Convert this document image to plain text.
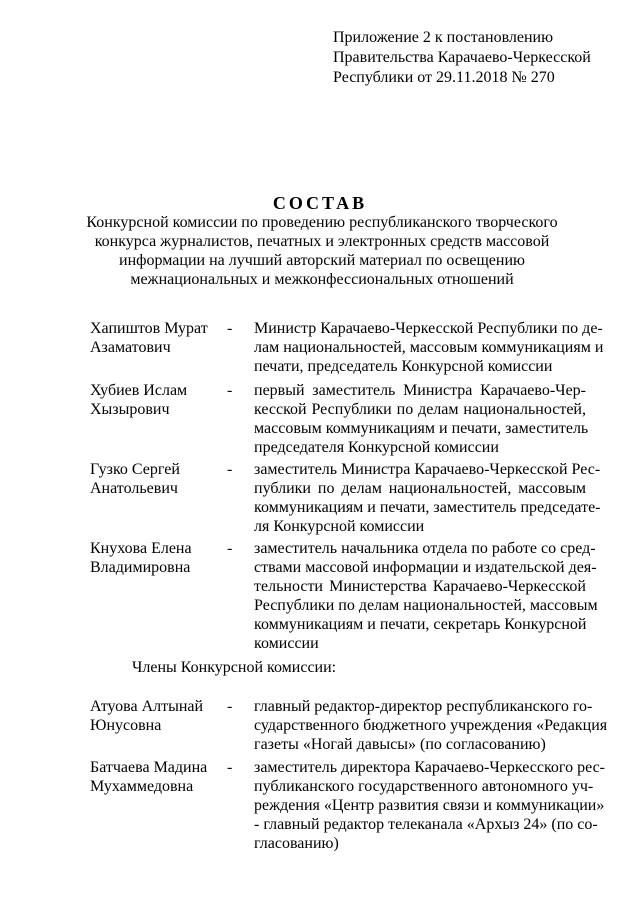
Приложение 2 к постановлению
Правительства Карачаево-Черкесской
Республики от 29.11.2018 № 270
СОСТАВ
Конкурсной комиссии по проведению республиканского творческого
конкурса журналистов, печатных и электронных средств массовой
информации на лучший авторский материал по освещению
межнациональных и межконфессиональных отношений
Хапиштов Мурат
Азаматович
- Министр Карачаево-Черкесской Республики по де-
лам национальностей, массовым коммуникациям и
печати, председатель Конкурсной комиссии
Хубиев Ислам
Хызырович
- первый заместитель Министра Карачаево-Чер-
кесской Республики по делам национальностей,
массовым коммуникациям и печати, заместитель
председателя Конкурсной комиссии
Гузко Сергей
Анатольевич
- заместитель Министра Карачаево-Черкесской Рес-
публики по делам национальностей, массовым
коммуникациям и печати, заместитель председате-
ля Конкурсной комиссии
Кнухова Елена
Владимировна
- заместитель начальника отдела по работе со сред-
ствами массовой информации и издательской дея-
тельности Министерства Карачаево-Черкесской
Республики по делам национальностей, массовым
коммуникациям и печати, секретарь Конкурсной
комиссии
Члены Конкурсной комиссии:
Атуова Алтынай
Юнусовна
- главный редактор-директор республиканского го-
сударственного бюджетного учреждения «Редакция
газеты «Ногай давысы» (по согласованию)
Батчаева Мадина
Мухаммедовна
- заместитель директора Карачаево-Черкесского рес-
публиканского государственного автономного уч-
реждения «Центр развития связи и коммуникации»
- главный редактор телеканала «Архыз 24» (по со-
гласованию)
